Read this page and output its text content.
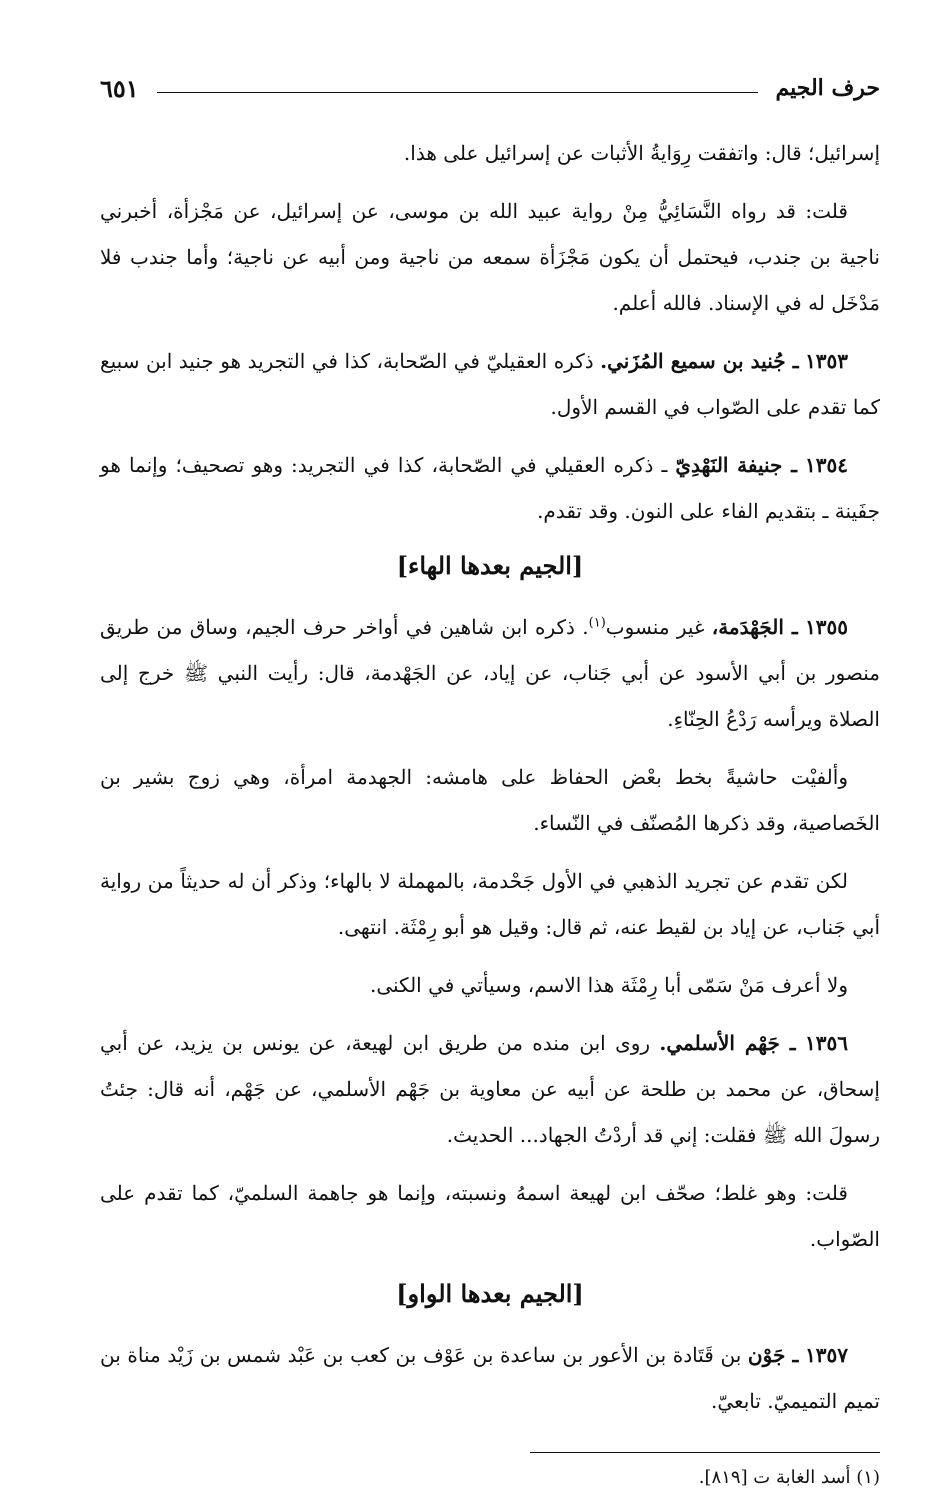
حرف الجيم
٦٥١

إسرائيل؛ قال: واتفقت رِوَايةُ الأثبات عن إسرائيل على هذا.

قلت: قد رواه النَّسَائِيُّ مِنْ رواية عبيد الله بن موسى، عن إسرائيل، عن مَجْزأة، أخبرني ناجية بن جندب، فيحتمل أن يكون مَجْزَأة سمعه من ناجية ومن أبيه عن ناجية؛ وأما جندب فلا مَدْخَل له في الإسناد. فالله أعلم.

١٣٥٣ ـ جُنيد بن سميع المُزَني. ذكره العقيليّ في الصّحابة، كذا في التجريد هو جنيد ابن سبيع كما تقدم على الصّواب في القسم الأول.

١٣٥٤ ـ جنيفة النَهْدِيّ ـ ذكره العقيلي في الصّحابة، كذا في التجريد: وهو تصحيف؛ وإنما هو جفَينة ـ بتقديم الفاء على النون. وقد تقدم.

[الجيم بعدها الهاء]

١٣٥٥ ـ الجَهْدَمة، غير منسوب$^{(١)}$. ذكره ابن شاهين في أواخر حرف الجيم، وساق من طريق منصور بن أبي الأسود عن أبي جَناب، عن إياد، عن الجَهْدمة، قال: رأيت النبي ﷺ خرج إلى الصلاة ويرأسه رَدْعُ الحِنّاءِ.

وألفيْت حاشيةً بخط بعْض الحفاظ على هامشه: الجهدمة امرأة، وهي زوج بشير بن الخَصاصية، وقد ذكرها المُصنّف في النّساء.

لكن تقدم عن تجريد الذهبي في الأول جَحْدمة، بالمهملة لا بالهاء؛ وذكر أن له حديثاً من رواية أبي جَناب، عن إياد بن لقيط عنه، ثم قال: وقيل هو أبو رِمْثَة. انتهى.

ولا أعرف مَنْ سَمّى أبا رِمْثَة هذا الاسم، وسيأتي في الكنى.

١٣٥٦ ـ جَهْم الأسلمي. روى ابن منده من طريق ابن لهيعة، عن يونس بن يزيد، عن أبي إسحاق، عن محمد بن طلحة عن أبيه عن معاوية بن جَهْم الأسلمي، عن جَهْم، أنه قال: جئتُ رسولَ الله ﷺ فقلت: إني قد أردْتُ الجهاد... الحديث.

قلت: وهو غلط؛ صحّف ابن لهيعة اسمهُ ونسبته، وإنما هو جاهمة السلميّ، كما تقدم على الصّواب.

[الجيم بعدها الواو]

١٣٥٧ ـ جَوْن بن قَتَادة بن الأعور بن ساعدة بن عَوْف بن كعب بن عَبْد شمس بن زَيْد مناة بن تميم التميميّ. تابعيّ.

(١) أسد الغابة ت [٨١٩].
